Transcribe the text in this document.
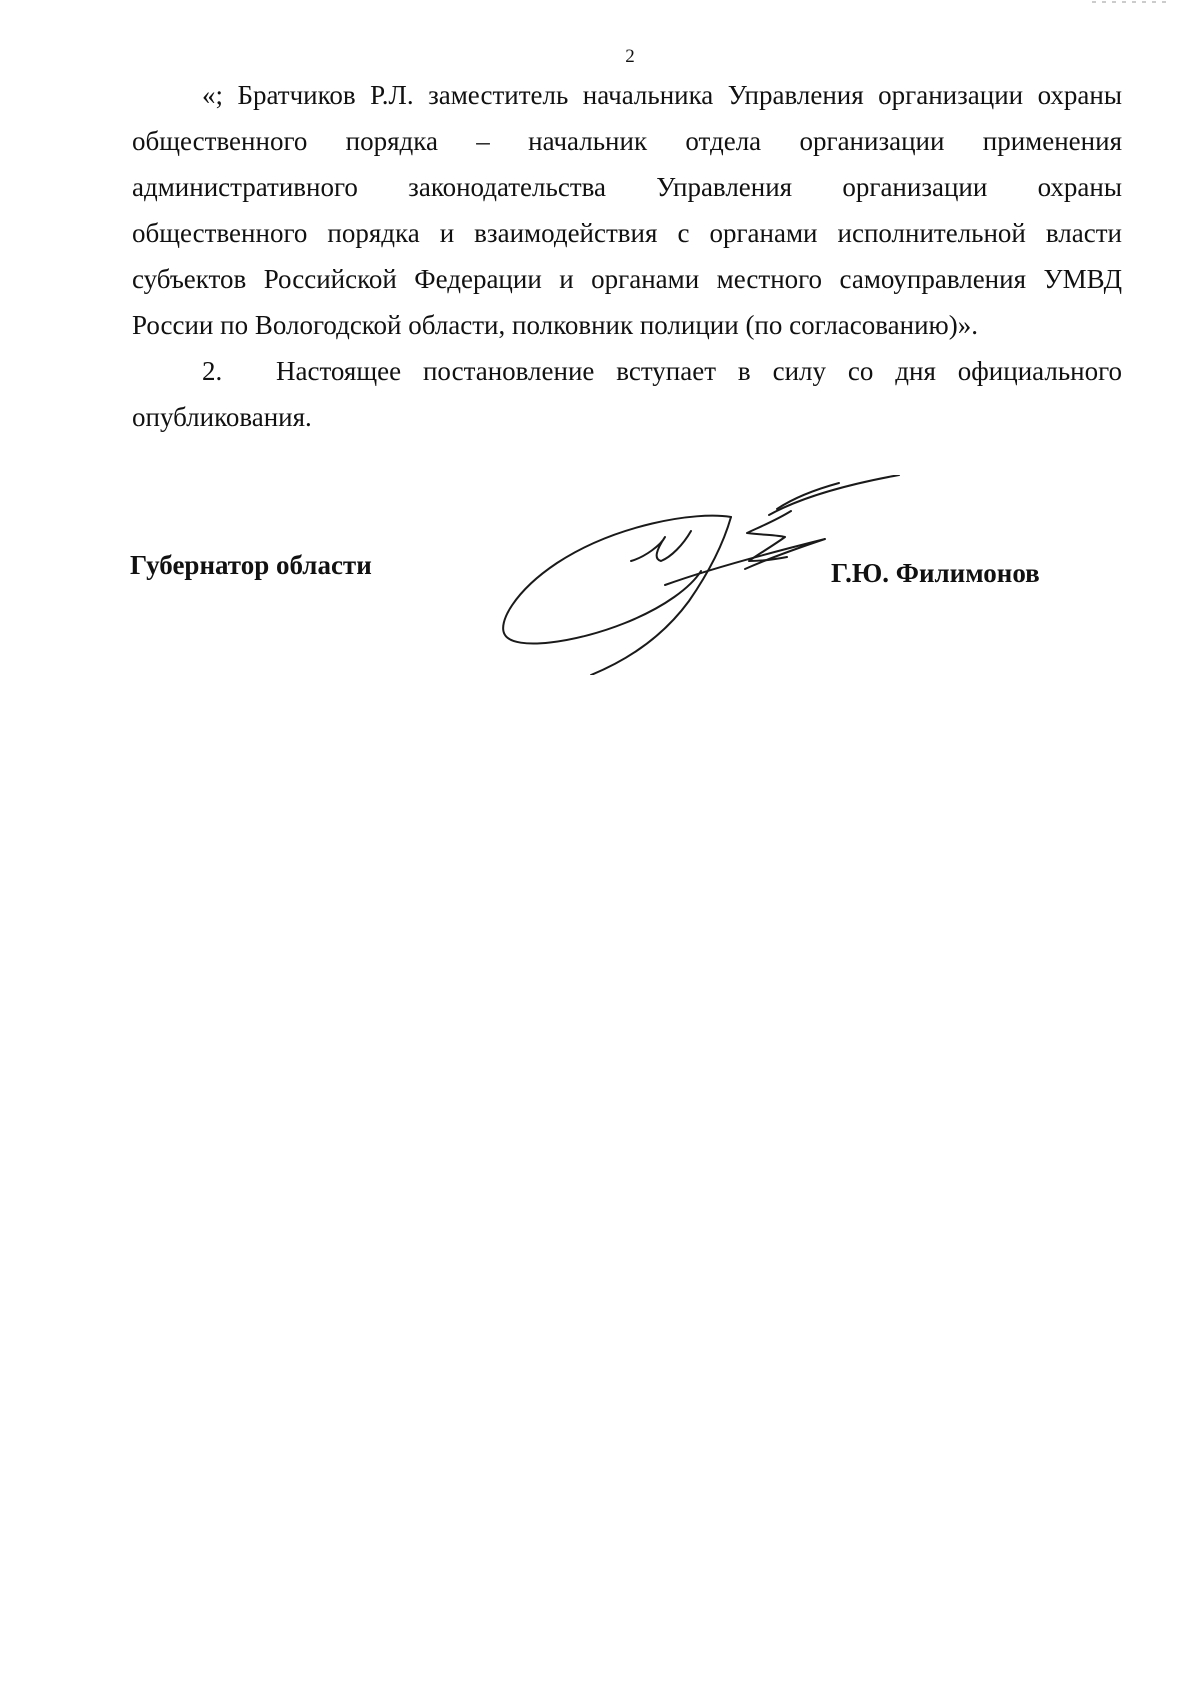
2

«; Братчиков Р.Л. заместитель начальника Управления организации охраны общественного порядка – начальник отдела организации применения административного законодательства Управления организации охраны общественного порядка и взаимодействия с органами исполнительной власти субъектов Российской Федерации и органами местного самоуправления УМВД России по Вологодской области, полковник полиции (по согласованию)».

2. Настоящее постановление вступает в силу со дня официального опубликования.

Губернатор области	Г.Ю. Филимонов
